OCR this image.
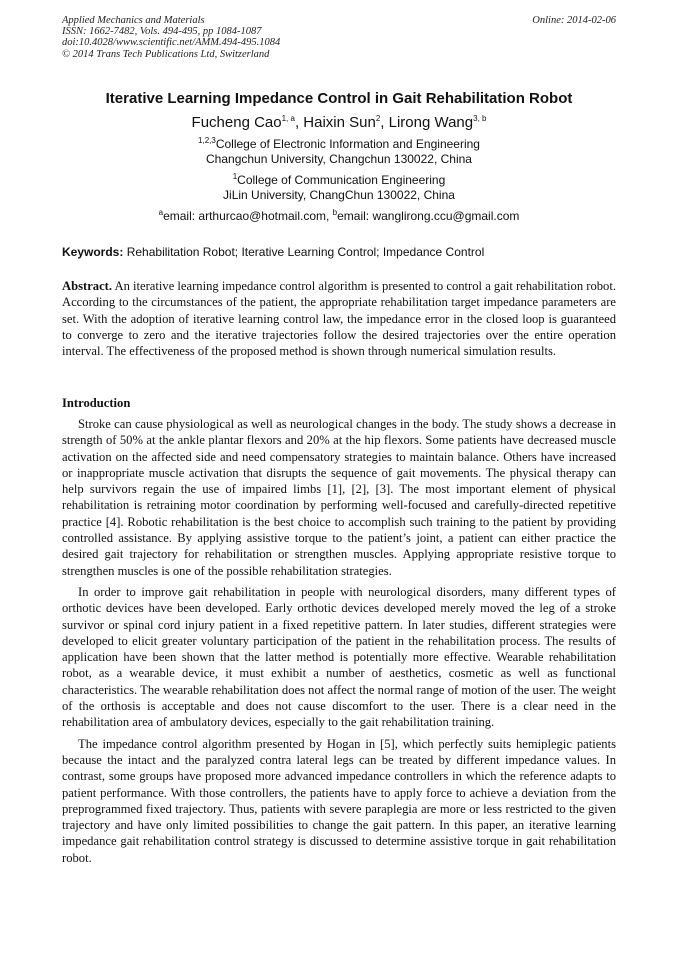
Applied Mechanics and Materials
ISSN: 1662-7482, Vols. 494-495, pp 1084-1087
doi:10.4028/www.scientific.net/AMM.494-495.1084
© 2014 Trans Tech Publications Ltd, Switzerland
Online: 2014-02-06
Iterative Learning Impedance Control in Gait Rehabilitation Robot
Fucheng Cao$^{1, a}$, Haixin Sun$^2$, Lirong Wang$^{3, b}$
$^{1,2,3}$College of Electronic Information and Engineering
Changchun University, Changchun 130022, China
$^1$College of Communication Engineering
JiLin University, ChangChun 130022, China
$^a$email: arthurcao@hotmail.com, $^b$email: wanglirong.ccu@gmail.com
Keywords: Rehabilitation Robot; Iterative Learning Control; Impedance Control

Abstract. An iterative learning impedance control algorithm is presented to control a gait rehabilitation robot. According to the circumstances of the patient, the appropriate rehabilitation target impedance parameters are set. With the adoption of iterative learning control law, the impedance error in the closed loop is guaranteed to converge to zero and the iterative trajectories follow the desired trajectories over the entire operation interval. The effectiveness of the proposed method is shown through numerical simulation results.

Introduction

Stroke can cause physiological as well as neurological changes in the body. The study shows a decrease in strength of 50% at the ankle plantar flexors and 20% at the hip flexors. Some patients have decreased muscle activation on the affected side and need compensatory strategies to maintain balance. Others have increased or inappropriate muscle activation that disrupts the sequence of gait movements. The physical therapy can help survivors regain the use of impaired limbs [1], [2], [3]. The most important element of physical rehabilitation is retraining motor coordination by performing well-focused and carefully-directed repetitive practice [4]. Robotic rehabilitation is the best choice to accomplish such training to the patient by providing controlled assistance. By applying assistive torque to the patient’s joint, a patient can either practice the desired gait trajectory for rehabilitation or strengthen muscles. Applying appropriate resistive torque to strengthen muscles is one of the possible rehabilitation strategies.

In order to improve gait rehabilitation in people with neurological disorders, many different types of orthotic devices have been developed. Early orthotic devices developed merely moved the leg of a stroke survivor or spinal cord injury patient in a fixed repetitive pattern. In later studies, different strategies were developed to elicit greater voluntary participation of the patient in the rehabilitation process. The results of application have been shown that the latter method is potentially more effective. Wearable rehabilitation robot, as a wearable device, it must exhibit a number of aesthetics, cosmetic as well as functional characteristics. The wearable rehabilitation does not affect the normal range of motion of the user. The weight of the orthosis is acceptable and does not cause discomfort to the user. There is a clear need in the rehabilitation area of ambulatory devices, especially to the gait rehabilitation training.

The impedance control algorithm presented by Hogan in [5], which perfectly suits hemiplegic patients because the intact and the paralyzed contra lateral legs can be treated by different impedance values. In contrast, some groups have proposed more advanced impedance controllers in which the reference adapts to patient performance. With those controllers, the patients have to apply force to achieve a deviation from the preprogrammed fixed trajectory. Thus, patients with severe paraplegia are more or less restricted to the given trajectory and have only limited possibilities to change the gait pattern. In this paper, an iterative learning impedance gait rehabilitation control strategy is discussed to determine assistive torque in gait rehabilitation robot.
